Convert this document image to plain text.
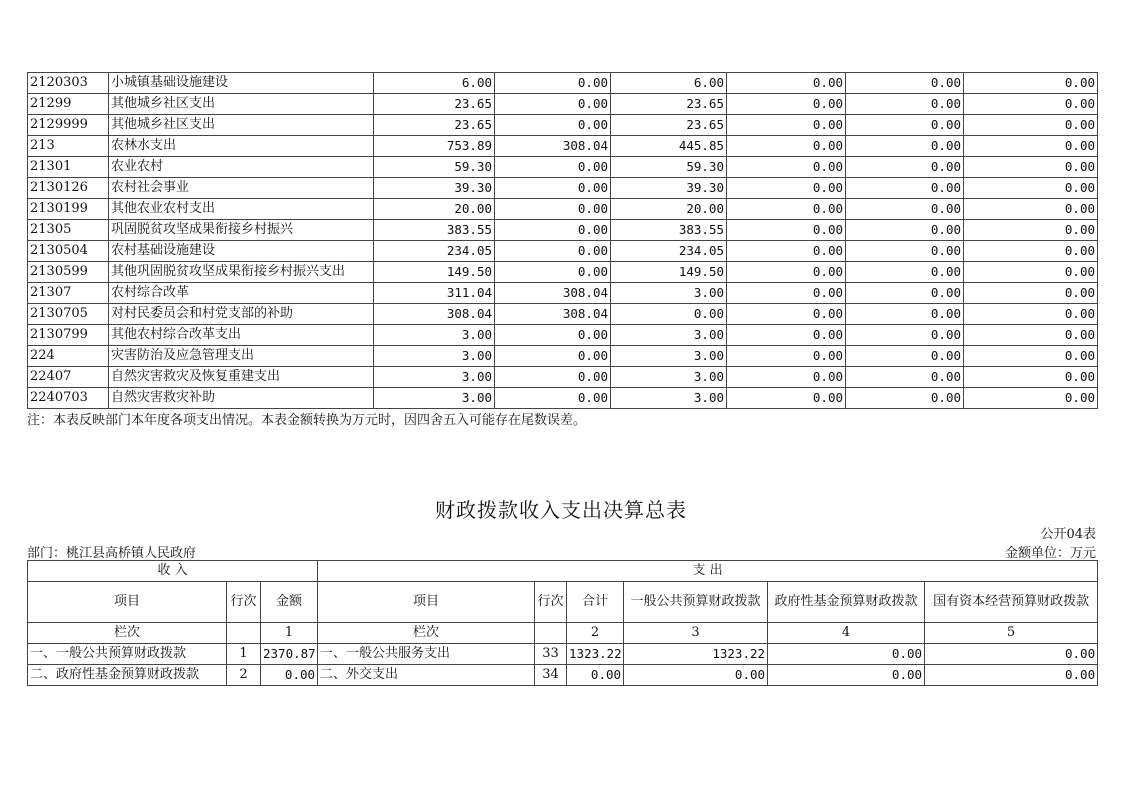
2120303	小城镇基础设施建设	6.00	0.00	6.00	0.00	0.00	0.00
21299	其他城乡社区支出	23.65	0.00	23.65	0.00	0.00	0.00
2129999	其他城乡社区支出	23.65	0.00	23.65	0.00	0.00	0.00
213	农林水支出	753.89	308.04	445.85	0.00	0.00	0.00
21301	农业农村	59.30	0.00	59.30	0.00	0.00	0.00
2130126	农村社会事业	39.30	0.00	39.30	0.00	0.00	0.00
2130199	其他农业农村支出	20.00	0.00	20.00	0.00	0.00	0.00
21305	巩固脱贫攻坚成果衔接乡村振兴	383.55	0.00	383.55	0.00	0.00	0.00
2130504	农村基础设施建设	234.05	0.00	234.05	0.00	0.00	0.00
2130599	其他巩固脱贫攻坚成果衔接乡村振兴支出	149.50	0.00	149.50	0.00	0.00	0.00
21307	农村综合改革	311.04	308.04	3.00	0.00	0.00	0.00
2130705	对村民委员会和村党支部的补助	308.04	308.04	0.00	0.00	0.00	0.00
2130799	其他农村综合改革支出	3.00	0.00	3.00	0.00	0.00	0.00
224	灾害防治及应急管理支出	3.00	0.00	3.00	0.00	0.00	0.00
22407	自然灾害救灾及恢复重建支出	3.00	0.00	3.00	0.00	0.00	0.00
2240703	自然灾害救灾补助	3.00	0.00	3.00	0.00	0.00	0.00
注：本表反映部门本年度各项支出情况。本表金额转换为万元时，因四舍五入可能存在尾数误差。
财政拨款收入支出决算总表
公开04表
部门：桃江县高桥镇人民政府	金额单位：万元
收 入			支 出					
项目	行次	金额	项目	行次	合计	一般公共预算财政拨款	政府性基金预算财政拨款	国有资本经营预算财政拨款
栏次		1	栏次		2	3	4	5
一、一般公共预算财政拨款	1	2370.87	一、一般公共服务支出	33	1323.22	1323.22	0.00	0.00
二、政府性基金预算财政拨款	2	0.00	二、外交支出	34	0.00	0.00	0.00	0.00
